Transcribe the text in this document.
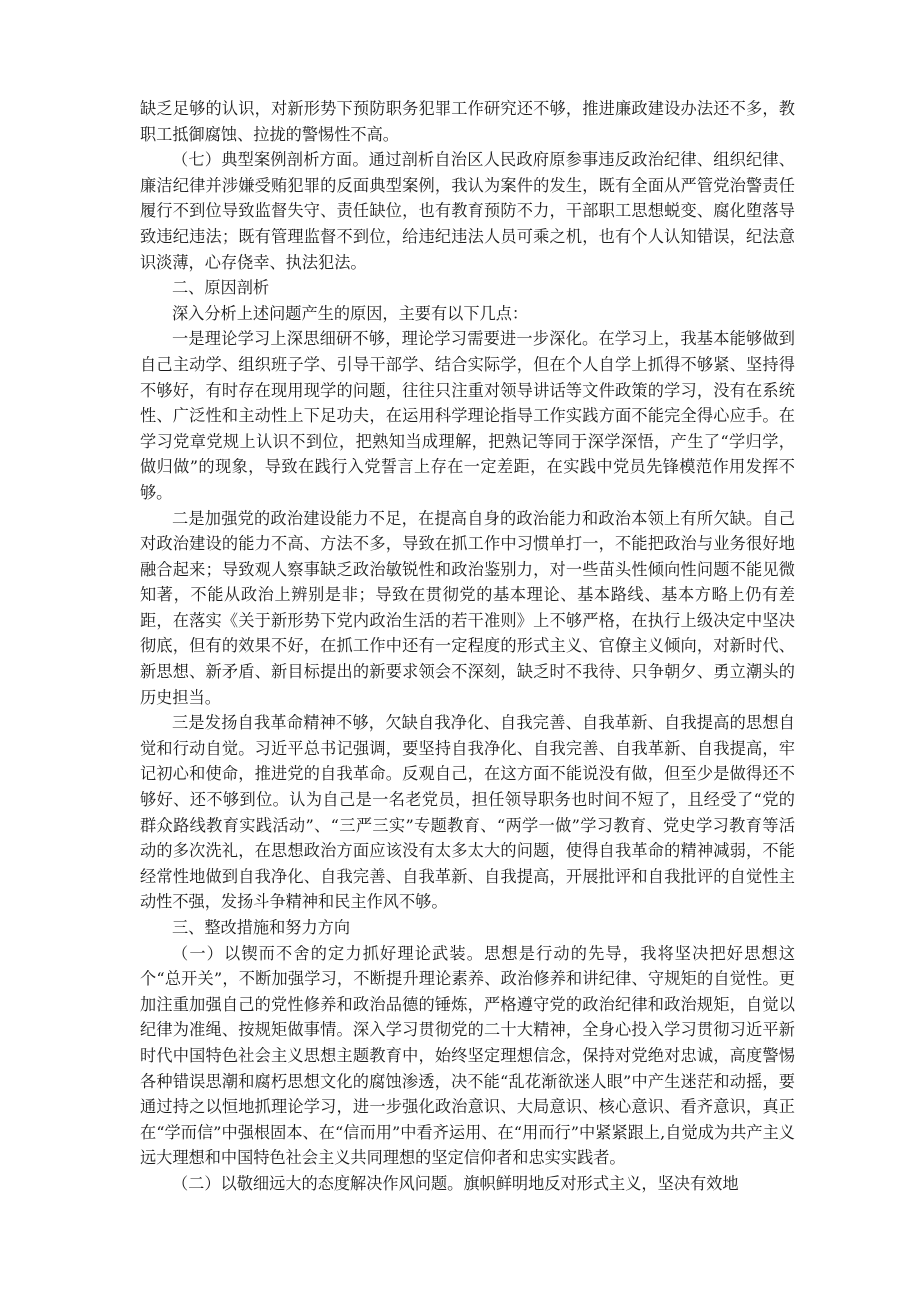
缺乏足够的认识，对新形势下预防职务犯罪工作研究还不够，推进廉政建设办法还不多，教职工抵御腐蚀、拉拢的警惕性不高。

（七）典型案例剖析方面。通过剖析自治区人民政府原参事违反政治纪律、组织纪律、廉洁纪律并涉嫌受贿犯罪的反面典型案例，我认为案件的发生，既有全面从严管党治警责任履行不到位导致监督失守、责任缺位，也有教育预防不力，干部职工思想蜕变、腐化堕落导致违纪违法；既有管理监督不到位，给违纪违法人员可乘之机，也有个人认知错误，纪法意识淡薄，心存侥幸、执法犯法。

二、原因剖析

深入分析上述问题产生的原因，主要有以下几点：

一是理论学习上深思细研不够，理论学习需要进一步深化。在学习上，我基本能够做到自己主动学、组织班子学、引导干部学、结合实际学，但在个人自学上抓得不够紧、坚持得不够好，有时存在现用现学的问题，往往只注重对领导讲话等文件政策的学习，没有在系统性、广泛性和主动性上下足功夫，在运用科学理论指导工作实践方面不能完全得心应手。在学习党章党规上认识不到位，把熟知当成理解，把熟记等同于深学深悟，产生了“学归学，做归做”的现象，导致在践行入党誓言上存在一定差距，在实践中党员先锋模范作用发挥不够。

二是加强党的政治建设能力不足，在提高自身的政治能力和政治本领上有所欠缺。自己对政治建设的能力不高、方法不多，导致在抓工作中习惯单打一，不能把政治与业务很好地融合起来；导致观人察事缺乏政治敏锐性和政治鉴别力，对一些苗头性倾向性问题不能见微知著，不能从政治上辨别是非；导致在贯彻党的基本理论、基本路线、基本方略上仍有差距，在落实《关于新形势下党内政治生活的若干准则》上不够严格，在执行上级决定中坚决彻底，但有的效果不好，在抓工作中还有一定程度的形式主义、官僚主义倾向，对新时代、新思想、新矛盾、新目标提出的新要求领会不深刻，缺乏时不我待、只争朝夕、勇立潮头的历史担当。

三是发扬自我革命精神不够，欠缺自我净化、自我完善、自我革新、自我提高的思想自觉和行动自觉。习近平总书记强调，要坚持自我净化、自我完善、自我革新、自我提高，牢记初心和使命，推进党的自我革命。反观自己，在这方面不能说没有做，但至少是做得还不够好、还不够到位。认为自己是一名老党员，担任领导职务也时间不短了，且经受了“党的群众路线教育实践活动”、“三严三实”专题教育、“两学一做”学习教育、党史学习教育等活动的多次洗礼，在思想政治方面应该没有太多太大的问题，使得自我革命的精神减弱，不能经常性地做到自我净化、自我完善、自我革新、自我提高，开展批评和自我批评的自觉性主动性不强，发扬斗争精神和民主作风不够。

三、整改措施和努力方向

（一）以锲而不舍的定力抓好理论武装。思想是行动的先导，我将坚决把好思想这个“总开关”，不断加强学习，不断提升理论素养、政治修养和讲纪律、守规矩的自觉性。更加注重加强自己的党性修养和政治品德的锤炼，严格遵守党的政治纪律和政治规矩，自觉以纪律为准绳、按规矩做事情。深入学习贯彻党的二十大精神，全身心投入学习贯彻习近平新时代中国特色社会主义思想主题教育中，始终坚定理想信念，保持对党绝对忠诚，高度警惕各种错误思潮和腐朽思想文化的腐蚀渗透，决不能“乱花渐欲迷人眼”中产生迷茫和动摇，要通过持之以恒地抓理论学习，进一步强化政治意识、大局意识、核心意识、看齐意识，真正在“学而信”中强根固本、在“信而用”中看齐运用、在“用而行”中紧紧跟上,自觉成为共产主义远大理想和中国特色社会主义共同理想的坚定信仰者和忠实实践者。

（二）以敬细远大的态度解决作风问题。旗帜鲜明地反对形式主义，坚决有效地
